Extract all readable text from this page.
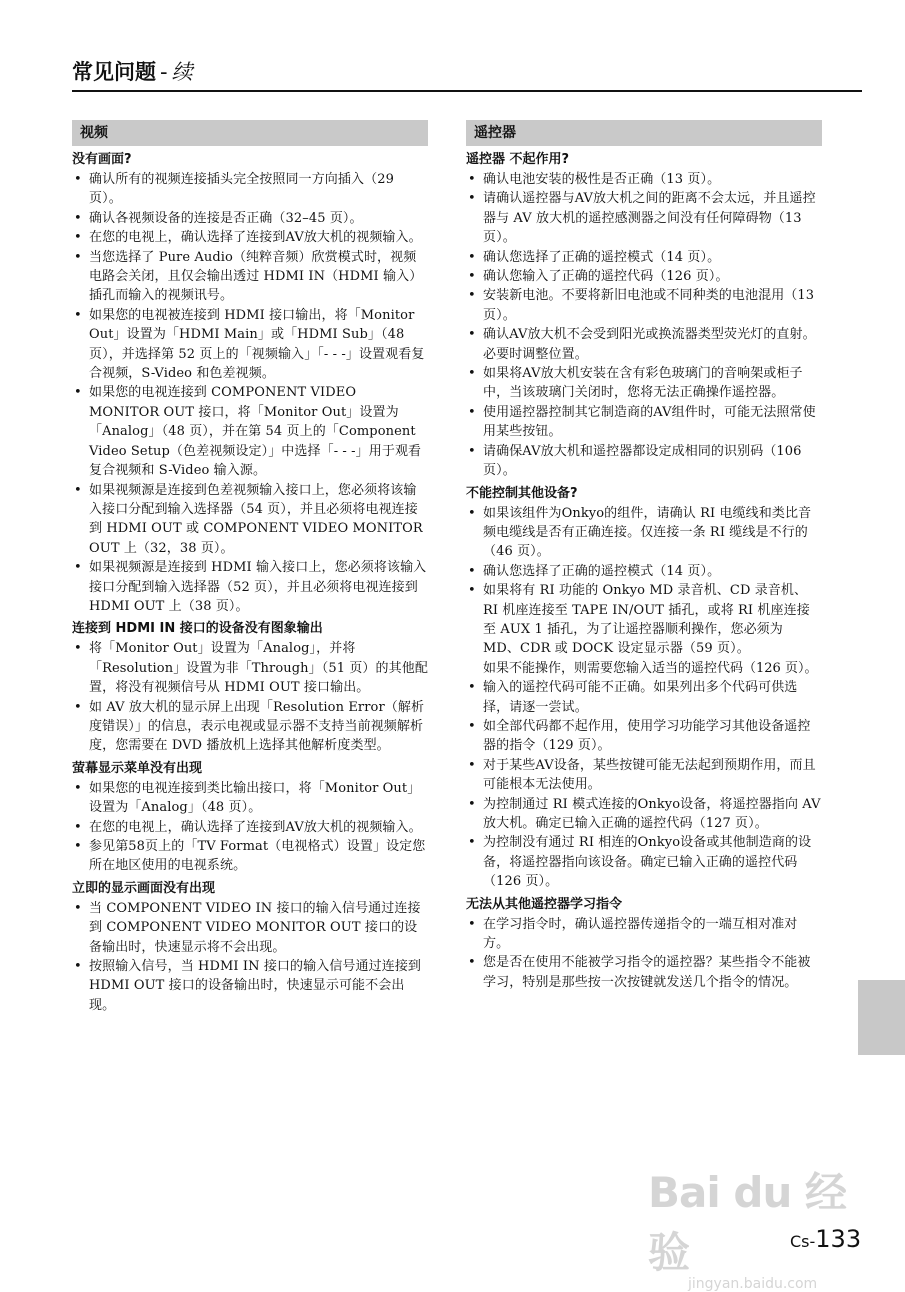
常见问题 - 续
视频
没有画面?
• 确认所有的视频连接插头完全按照同一方向插入（29 页）。
• 确认各视频设备的连接是否正确（32–45 页）。
• 在您的电视上，确认选择了连接到AV放大机的视频输入。
• 当您选择了 Pure Audio（纯粹音频）欣赏模式时，视频电路会关闭，且仅会输出透过 HDMI IN（HDMI 输入）插孔而输入的视频讯号。
• 如果您的电视被连接到 HDMI 接口输出，将「Monitor Out」设置为「HDMI Main」或「HDMI Sub」（48 页），并选择第 52 页上的「视频输入」「- - -」设置观看复合视频，S-Video 和色差视频。
• 如果您的电视连接到 COMPONENT VIDEO MONITOR OUT 接口，将「Monitor Out」设置为「Analog」（48 页），并在第 54 页上的「Component Video Setup（色差视频设定）」中选择「- - -」用于观看复合视频和 S-Video 输入源。
• 如果视频源是连接到色差视频输入接口上，您必须将该输入接口分配到输入选择器（54 页），并且必须将电视连接到 HDMI OUT 或 COMPONENT VIDEO MONITOR OUT 上（32，38 页）。
• 如果视频源是连接到 HDMI 输入接口上，您必须将该输入接口分配到输入选择器（52 页），并且必须将电视连接到 HDMI OUT 上（38 页）。
连接到 HDMI IN 接口的设备没有图象输出
• 将「Monitor Out」设置为「Analog」，并将「Resolution」设置为非「Through」（51 页）的其他配置，将没有视频信号从 HDMI OUT 接口输出。
• 如 AV 放大机的显示屏上出现「Resolution Error（解析度错误）」的信息，表示电视或显示器不支持当前视频解析度，您需要在 DVD 播放机上选择其他解析度类型。
萤幕显示菜单没有出现
• 如果您的电视连接到类比输出接口，将「Monitor Out」设置为「Analog」（48 页）。
• 在您的电视上，确认选择了连接到AV放大机的视频输入。
• 参见第58页上的「TV Format（电视格式）设置」设定您所在地区使用的电视系统。
立即的显示画面没有出现
• 当 COMPONENT VIDEO IN 接口的输入信号通过连接到 COMPONENT VIDEO MONITOR OUT 接口的设备输出时，快速显示将不会出现。
• 按照输入信号，当 HDMI IN 接口的输入信号通过连接到 HDMI OUT 接口的设备输出时，快速显示可能不会出现。
遥控器
遥控器 不起作用?
• 确认电池安装的极性是否正确（13 页）。
• 请确认遥控器与AV放大机之间的距离不会太远，并且遥控器与 AV 放大机的遥控感测器之间没有任何障碍物（13 页）。
• 确认您选择了正确的遥控模式（14 页）。
• 确认您输入了正确的遥控代码（126 页）。
• 安装新电池。不要将新旧电池或不同种类的电池混用（13 页）。
• 确认AV放大机不会受到阳光或换流器类型荧光灯的直射。必要时调整位置。
• 如果将AV放大机安装在含有彩色玻璃门的音响架或柜子中，当该玻璃门关闭时，您将无法正确操作遥控器。
• 使用遥控器控制其它制造商的AV组件时，可能无法照常使用某些按钮。
• 请确保AV放大机和遥控器都设定成相同的识别码（106 页）。
不能控制其他设备?
• 如果该组件为Onkyo的组件，请确认 RI 电缆线和类比音频电缆线是否有正确连接。仅连接一条 RI 缆线是不行的（46 页）。
• 确认您选择了正确的遥控模式（14 页）。
• 如果将有 RI 功能的 Onkyo MD 录音机、CD 录音机、RI 机座连接至 TAPE IN/OUT 插孔，或将 RI 机座连接至 AUX 1 插孔，为了让遥控器顺利操作，您必须为 MD、CDR 或 DOCK 设定显示器（59 页）。
如果不能操作，则需要您输入适当的遥控代码（126 页）。
• 输入的遥控代码可能不正确。如果列出多个代码可供选择，请逐一尝试。
• 如全部代码都不起作用，使用学习功能学习其他设备遥控器的指令（129 页）。
• 对于某些AV设备，某些按键可能无法起到预期作用，而且可能根本无法使用。
• 为控制通过 RI 模式连接的Onkyo设备，将遥控器指向 AV 放大机。确定已输入正确的遥控代码（127 页）。
• 为控制没有通过 RI 相连的Onkyo设备或其他制造商的设备，将遥控器指向该设备。确定已输入正确的遥控代码（126 页）。
无法从其他遥控器学习指令
• 在学习指令时，确认遥控器传递指令的一端互相对准对方。
• 您是否在使用不能被学习指令的遥控器？某些指令不能被学习，特别是那些按一次按键就发送几个指令的情况。
Bai du 经验
jingyan.baidu.com
Cs-133
